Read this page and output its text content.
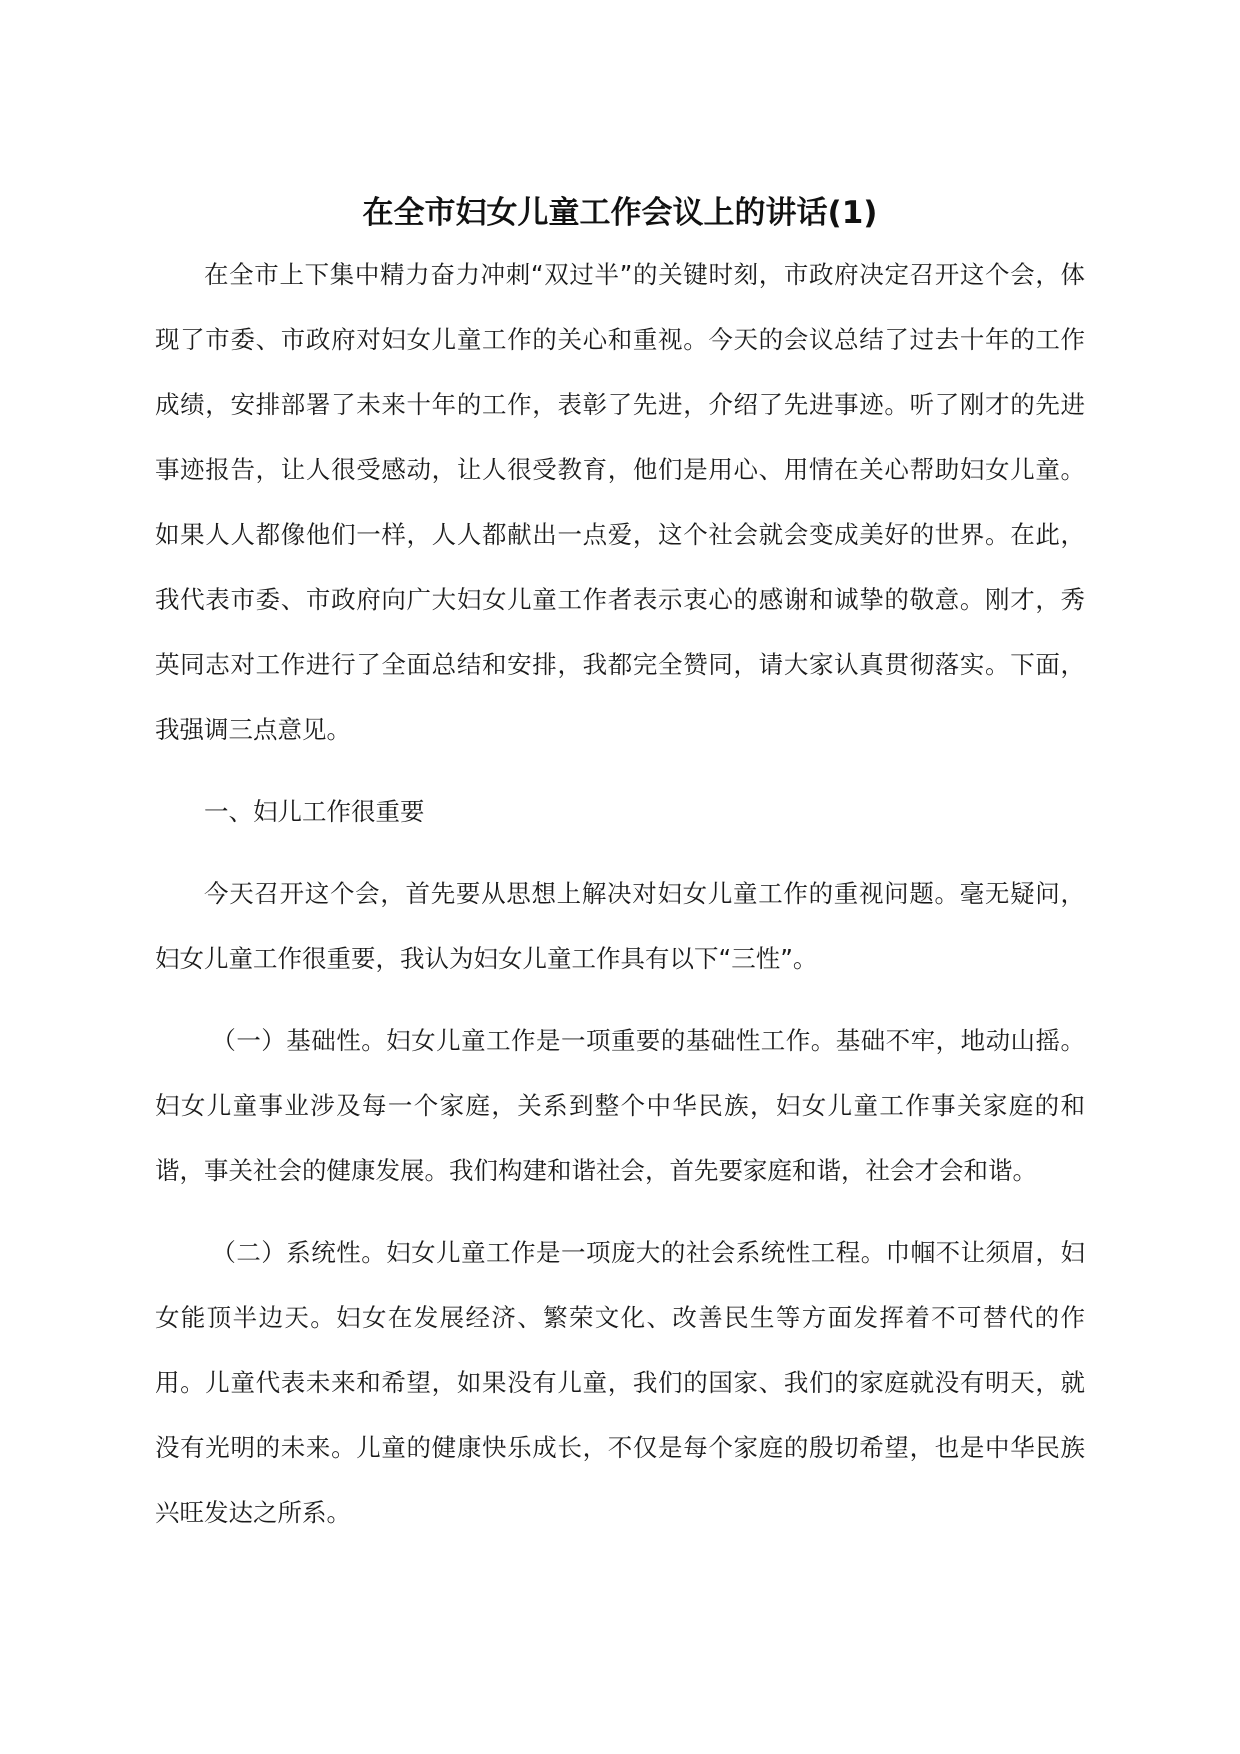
在全市妇女儿童工作会议上的讲话(1)

在全市上下集中精力奋力冲刺“双过半”的关键时刻，市政府决定召开这个会，体现了市委、市政府对妇女儿童工作的关心和重视。今天的会议总结了过去十年的工作成绩，安排部署了未来十年的工作，表彰了先进，介绍了先进事迹。听了刚才的先进事迹报告，让人很受感动，让人很受教育，他们是用心、用情在关心帮助妇女儿童。如果人人都像他们一样，人人都献出一点爱，这个社会就会变成美好的世界。在此，我代表市委、市政府向广大妇女儿童工作者表示衷心的感谢和诚挚的敬意。刚才，秀英同志对工作进行了全面总结和安排，我都完全赞同，请大家认真贯彻落实。下面，我强调三点意见。

一、妇儿工作很重要

今天召开这个会，首先要从思想上解决对妇女儿童工作的重视问题。毫无疑问，妇女儿童工作很重要，我认为妇女儿童工作具有以下“三性”。

（一）基础性。妇女儿童工作是一项重要的基础性工作。基础不牢，地动山摇。妇女儿童事业涉及每一个家庭，关系到整个中华民族，妇女儿童工作事关家庭的和谐，事关社会的健康发展。我们构建和谐社会，首先要家庭和谐，社会才会和谐。

（二）系统性。妇女儿童工作是一项庞大的社会系统性工程。巾帼不让须眉，妇女能顶半边天。妇女在发展经济、繁荣文化、改善民生等方面发挥着不可替代的作用。儿童代表未来和希望，如果没有儿童，我们的国家、我们的家庭就没有明天，就没有光明的未来。儿童的健康快乐成长，不仅是每个家庭的殷切希望，也是中华民族兴旺发达之所系。
